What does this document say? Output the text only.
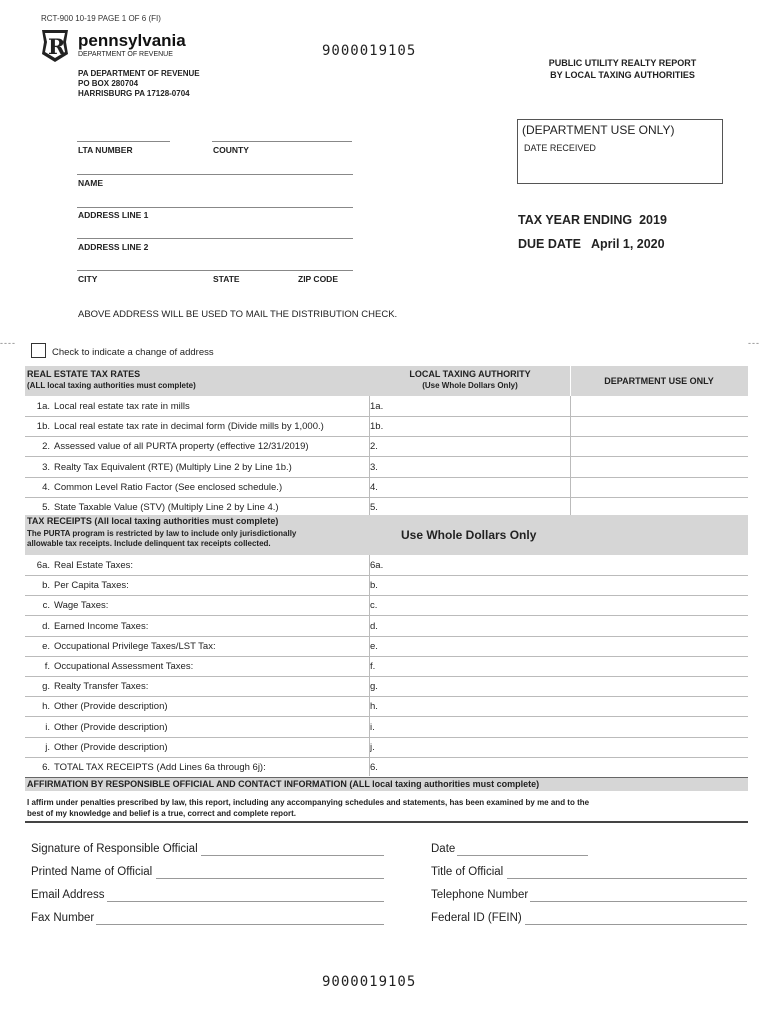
RCT-900 10-19 PAGE 1 OF 6 (FI)
R pennsylvania
DEPARTMENT OF REVENUE
PA DEPARTMENT OF REVENUE
PO BOX 280704
HARRISBURG PA 17128-0704
9000019105
PUBLIC UTILITY REALTY REPORT
BY LOCAL TAXING AUTHORITIES
(DEPARTMENT USE ONLY)
DATE RECEIVED
LTA NUMBER	COUNTY
NAME
ADDRESS LINE 1
ADDRESS LINE 2
CITY	STATE	ZIP CODE
TAX YEAR ENDING 2019
DUE DATE April 1, 2020
ABOVE ADDRESS WILL BE USED TO MAIL THE DISTRIBUTION CHECK.
----	---
Check to indicate a change of address
REAL ESTATE TAX RATES
(ALL local taxing authorities must complete)
LOCAL TAXING AUTHORITY
(Use Whole Dollars Only)	DEPARTMENT USE ONLY
1a. Local real estate tax rate in mills	1a.
1b. Local real estate tax rate in decimal form (Divide mills by 1,000.)	1b.
2. Assessed value of all PURTA property (effective 12/31/2019)	2.
3. Realty Tax Equivalent (RTE) (Multiply Line 2 by Line 1b.)	3.
4. Common Level Ratio Factor (See enclosed schedule.)	4.
5. State Taxable Value (STV) (Multiply Line 2 by Line 4.)	5.
TAX RECEIPTS (All local taxing authorities must complete)
The PURTA program is restricted by law to include only jurisdictionally
allowable tax receipts. Include delinquent tax receipts collected.
Use Whole Dollars Only
6a. Real Estate Taxes:	6a.
b. Per Capita Taxes:	b.
c. Wage Taxes:	c.
d. Earned Income Taxes:	d.
e. Occupational Privilege Taxes/LST Tax:	e.
f. Occupational Assessment Taxes:	f.
g. Realty Transfer Taxes:	g.
h. Other (Provide description)	h.
i. Other (Provide description)	i.
j. Other (Provide description)	j.
6. TOTAL TAX RECEIPTS (Add Lines 6a through 6j):	6.
AFFIRMATION BY RESPONSIBLE OFFICIAL AND CONTACT INFORMATION (ALL local taxing authorities must complete)
I affirm under penalties prescribed by law, this report, including any accompanying schedules and statements, has been examined by me and to the
best of my knowledge and belief is a true, correct and complete report.
Signature of Responsible Official	Date
Printed Name of Official	Title of Official
Email Address	Telephone Number
Fax Number	Federal ID (FEIN)
9000019105
